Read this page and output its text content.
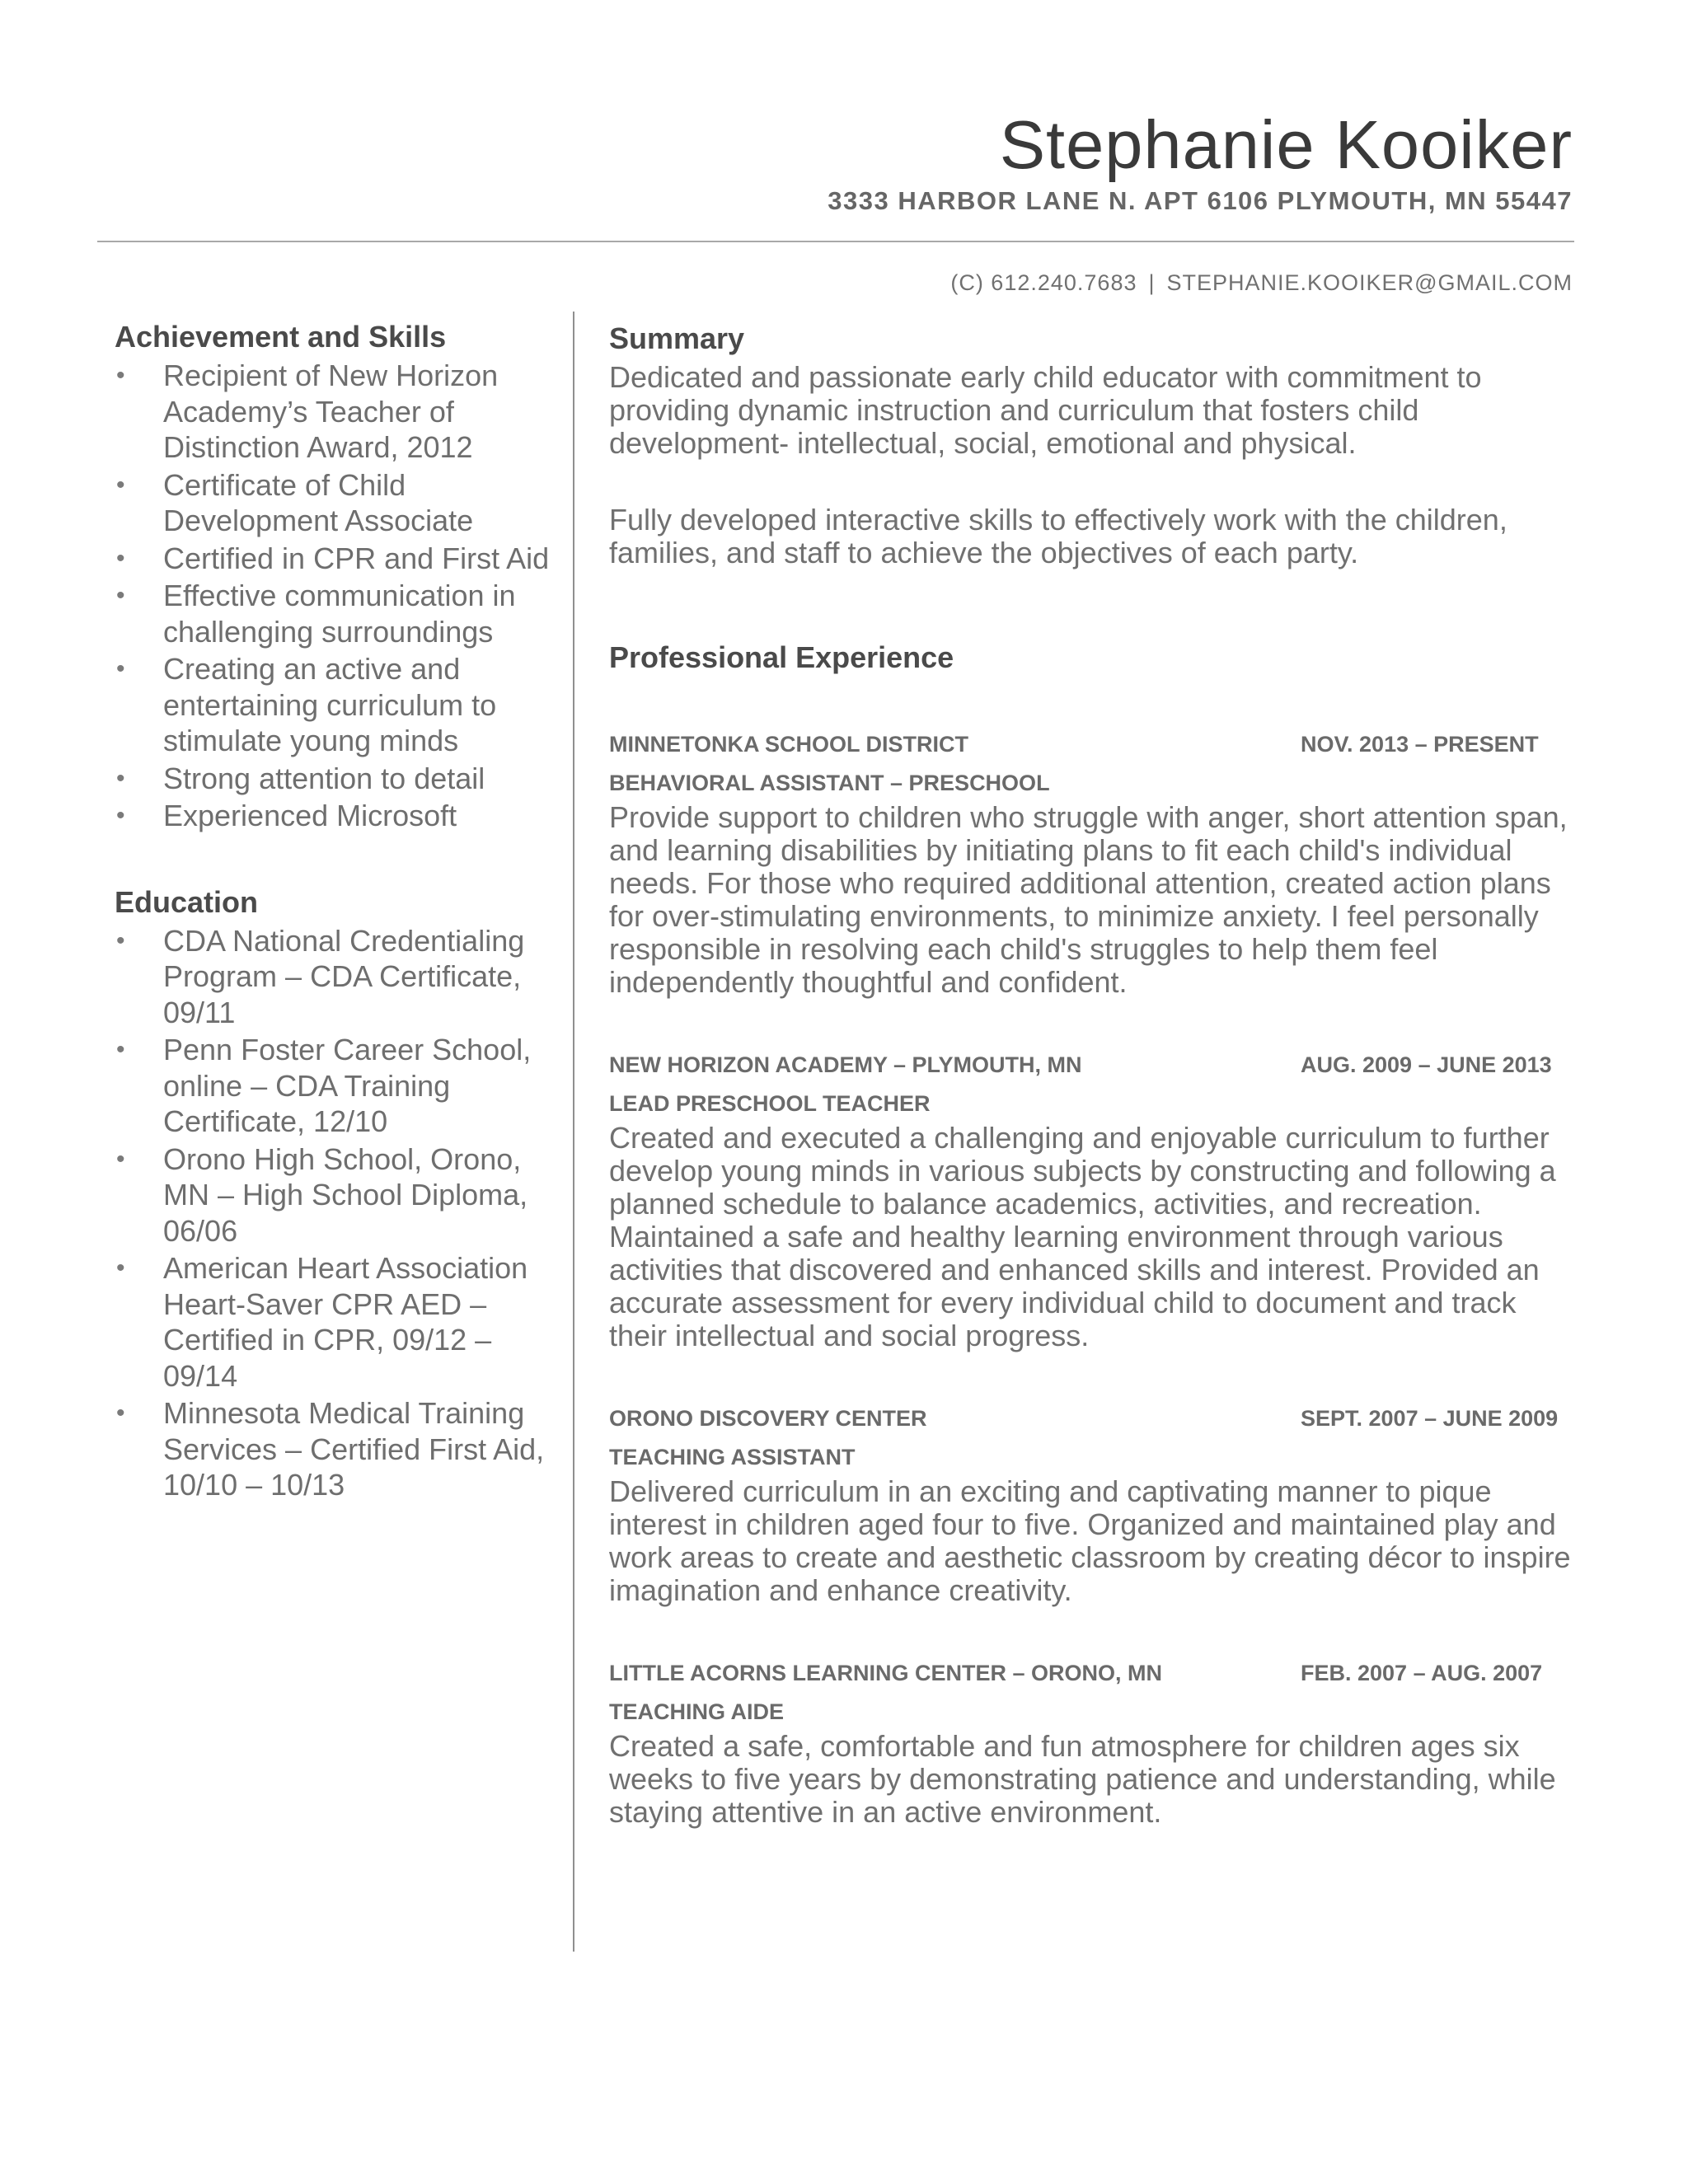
Stephanie Kooiker
3333 HARBOR LANE N. APT 6106 PLYMOUTH, MN 55447
(C) 612.240.7683 | STEPHANIE.KOOIKER@GMAIL.COM
Achievement and Skills
• Recipient of New Horizon Academy’s Teacher of Distinction Award, 2012
• Certificate of Child Development Associate
• Certified in CPR and First Aid
• Effective communication in challenging surroundings
• Creating an active and entertaining curriculum to stimulate young minds
• Strong attention to detail
• Experienced Microsoft
Education
• CDA National Credentialing Program – CDA Certificate, 09/11
• Penn Foster Career School, online – CDA Training Certificate, 12/10
• Orono High School, Orono, MN – High School Diploma, 06/06
• American Heart Association Heart-Saver CPR AED – Certified in CPR, 09/12 – 09/14
• Minnesota Medical Training Services – Certified First Aid, 10/10 – 10/13
Summary

Dedicated and passionate early child educator with commitment to providing dynamic instruction and curriculum that fosters child development- intellectual, social, emotional and physical.

Fully developed interactive skills to effectively work with the children, families, and staff to achieve the objectives of each party.

Professional Experience
MINNETONKA SCHOOL DISTRICT	NOV. 2013 – PRESENT
BEHAVIORAL ASSISTANT – PRESCHOOL

Provide support to children who struggle with anger, short attention span, and learning disabilities by initiating plans to fit each child's individual needs. For those who required additional attention, created action plans for over-stimulating environments, to minimize anxiety. I feel personally responsible in resolving each child's struggles to help them feel independently thoughtful and confident.

NEW HORIZON ACADEMY – PLYMOUTH, MN	AUG. 2009 – JUNE 2013
LEAD PRESCHOOL TEACHER

Created and executed a challenging and enjoyable curriculum to further develop young minds in various subjects by constructing and following a planned schedule to balance academics, activities, and recreation. Maintained a safe and healthy learning environment through various activities that discovered and enhanced skills and interest. Provided an accurate assessment for every individual child to document and track their intellectual and social progress.

ORONO DISCOVERY CENTER	SEPT. 2007 – JUNE 2009
TEACHING ASSISTANT

Delivered curriculum in an exciting and captivating manner to pique interest in children aged four to five. Organized and maintained play and work areas to create and aesthetic classroom by creating décor to inspire imagination and enhance creativity.

LITTLE ACORNS LEARNING CENTER – ORONO, MN	FEB. 2007 – AUG. 2007
TEACHING AIDE

Created a safe, comfortable and fun atmosphere for children ages six weeks to five years by demonstrating patience and understanding, while staying attentive in an active environment.
